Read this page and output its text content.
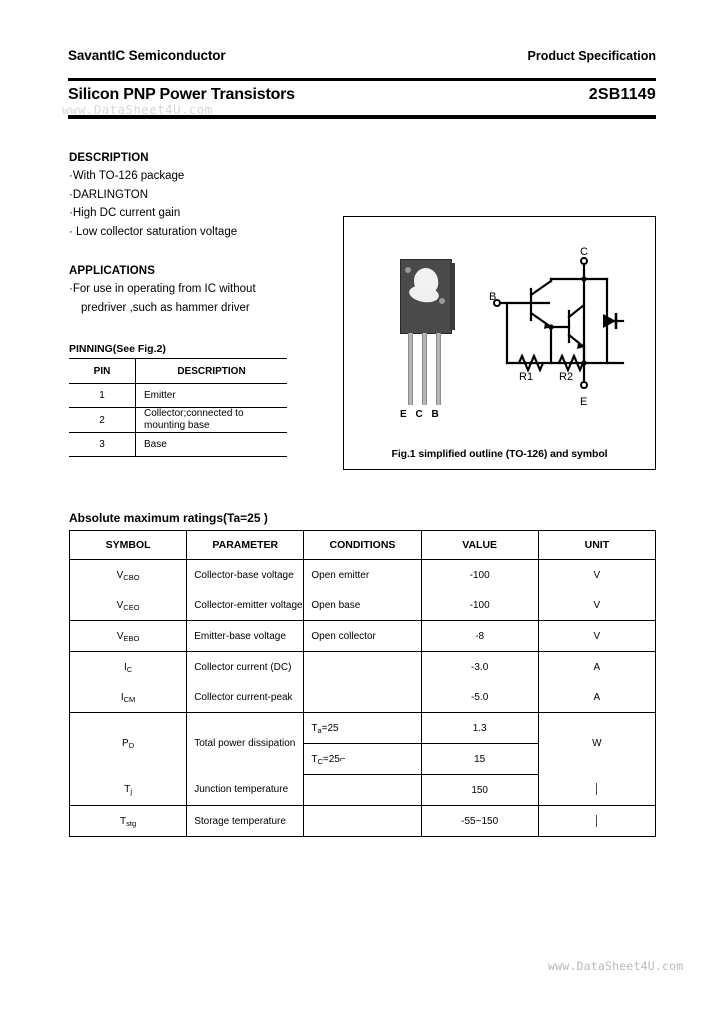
SavantIC Semiconductor	Product Specification
Silicon PNP Power Transistors	2SB1149
www.DataSheet4U.com
www.DataSheet4U.com
DESCRIPTION
·With TO-126 package
·DARLINGTON
·High DC current gain
· Low collector saturation voltage
APPLICATIONS
·For use in operating from IC without
predriver ,such as hammer driver
PINNING(See Fig.2)
PIN	DESCRIPTION
1	Emitter
2	Collector;connected to mounting base
3	Base
E C B
C
E
B
R1 R2
Fig.1 simplified outline (TO-126) and symbol
Absolute maximum ratings(Ta=25 )
SYMBOL	PARAMETER	CONDITIONS	VALUE	UNIT
$V_{CBO}$	Collector-base voltage	Open emitter	-100	V
$V_{CEO}$	Collector-emitter voltage	Open base	-100	V
$V_{EBO}$	Emitter-base voltage	Open collector	-8	V
$I_C$	Collector current (DC)		-3.0	A
$I_{CM}$	Collector current-peak		-5.0	A
$P_D$	Total power dissipation	$T_a=25$	1.3	W
		$T_C=25⌐$	15	
$T_j$	Junction temperature		150	│
$T_{stg}$	Storage temperature		-55~150	│
